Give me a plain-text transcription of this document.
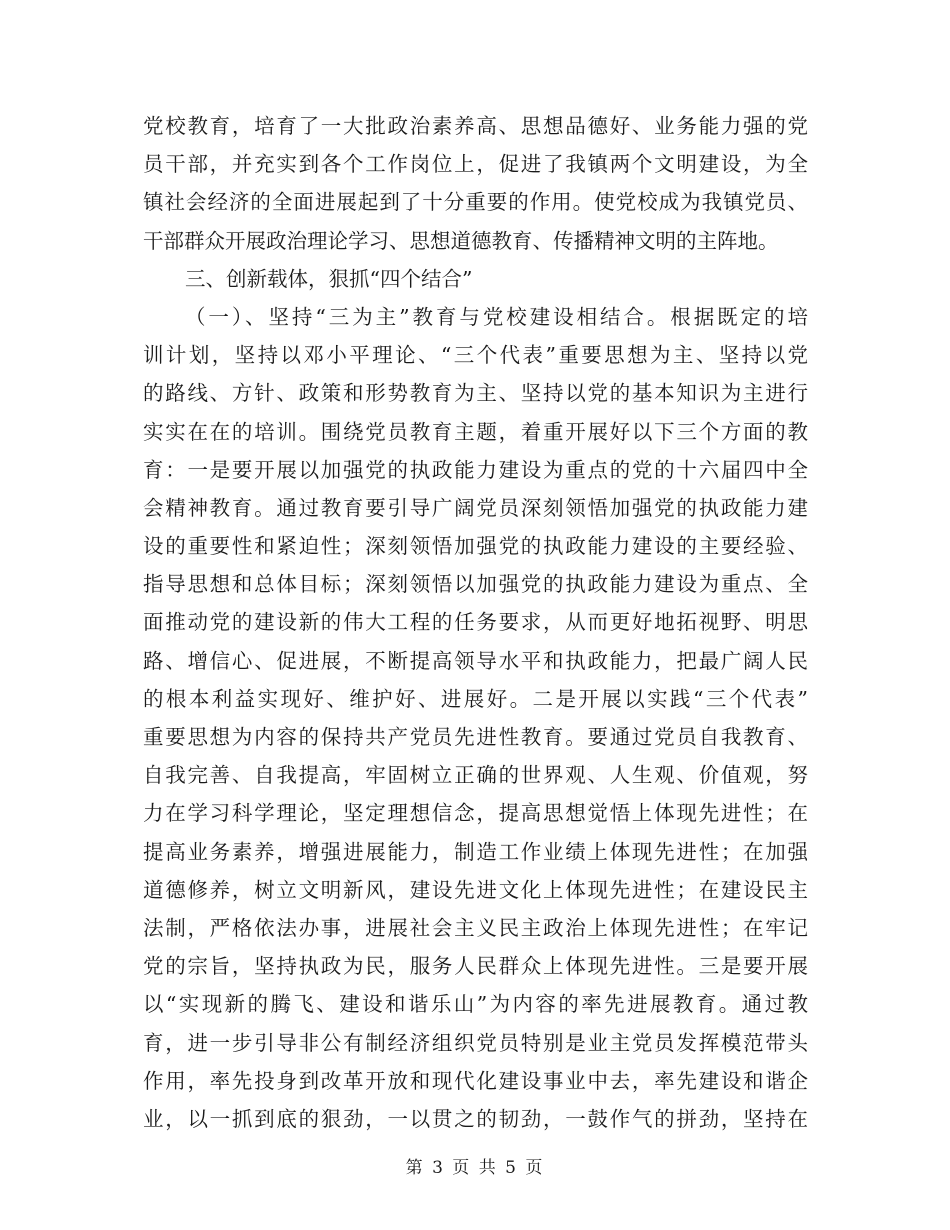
党校教育，培育了一大批政治素养高、思想品德好、业务能力强的党
员干部，并充实到各个工作岗位上，促进了我镇两个文明建设，为全
镇社会经济的全面进展起到了十分重要的作用。使党校成为我镇党员、
干部群众开展政治理论学习、思想道德教育、传播精神文明的主阵地。
三、创新载体，狠抓“四个结合”
（一）、坚持“三为主”教育与党校建设相结合。根据既定的培
训计划，坚持以邓小平理论、“三个代表”重要思想为主、坚持以党
的路线、方针、政策和形势教育为主、坚持以党的基本知识为主进行
实实在在的培训。围绕党员教育主题，着重开展好以下三个方面的教
育：一是要开展以加强党的执政能力建设为重点的党的十六届四中全
会精神教育。通过教育要引导广阔党员深刻领悟加强党的执政能力建
设的重要性和紧迫性；深刻领悟加强党的执政能力建设的主要经验、
指导思想和总体目标；深刻领悟以加强党的执政能力建设为重点、全
面推动党的建设新的伟大工程的任务要求，从而更好地拓视野、明思
路、增信心、促进展，不断提高领导水平和执政能力，把最广阔人民
的根本利益实现好、维护好、进展好。二是开展以实践“三个代表”
重要思想为内容的保持共产党员先进性教育。要通过党员自我教育、
自我完善、自我提高，牢固树立正确的世界观、人生观、价值观，努
力在学习科学理论，坚定理想信念，提高思想觉悟上体现先进性；在
提高业务素养，增强进展能力，制造工作业绩上体现先进性；在加强
道德修养，树立文明新风，建设先进文化上体现先进性；在建设民主
法制，严格依法办事，进展社会主义民主政治上体现先进性；在牢记
党的宗旨，坚持执政为民，服务人民群众上体现先进性。三是要开展
以“实现新的腾飞、建设和谐乐山”为内容的率先进展教育。通过教
育，进一步引导非公有制经济组织党员特别是业主党员发挥模范带头
作用，率先投身到改革开放和现代化建设事业中去，率先建设和谐企
业，以一抓到底的狠劲，一以贯之的韧劲，一鼓作气的拼劲，坚持在
第 3 页 共 5 页
